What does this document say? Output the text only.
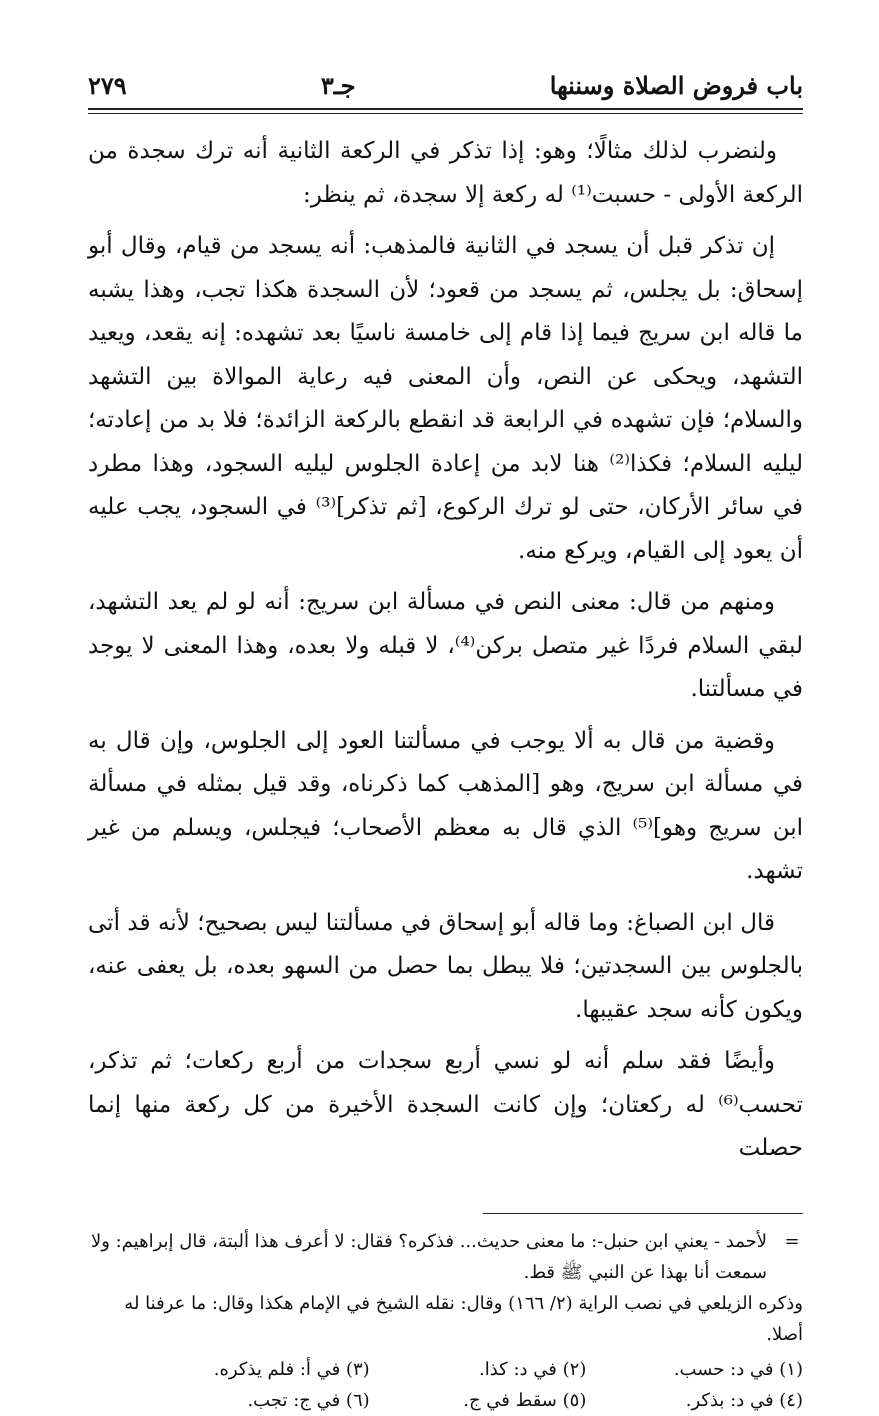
باب فروض الصلاة وسننها
جـ٣
٢٧٩

ولنضرب لذلك مثالًا؛ وهو: إذا تذكر في الركعة الثانية أنه ترك سجدة من الركعة الأولى - حسبت⁽¹⁾ له ركعة إلا سجدة، ثم ينظر:

إن تذكر قبل أن يسجد في الثانية فالمذهب: أنه يسجد من قيام، وقال أبو إسحاق: بل يجلس، ثم يسجد من قعود؛ لأن السجدة هكذا تجب، وهذا يشبه ما قاله ابن سريج فيما إذا قام إلى خامسة ناسيًا بعد تشهده: إنه يقعد، ويعيد التشهد، ويحكى عن النص، وأن المعنى فيه رعاية الموالاة بين التشهد والسلام؛ فإن تشهده في الرابعة قد انقطع بالركعة الزائدة؛ فلا بد من إعادته؛ ليليه السلام؛ فكذا⁽²⁾ هنا لابد من إعادة الجلوس ليليه السجود، وهذا مطرد في سائر الأركان، حتى لو ترك الركوع، [ثم تذكر]⁽³⁾ في السجود، يجب عليه أن يعود إلى القيام، ويركع منه.

ومنهم من قال: معنى النص في مسألة ابن سريج: أنه لو لم يعد التشهد، لبقي السلام فردًا غير متصل بركن⁽⁴⁾، لا قبله ولا بعده، وهذا المعنى لا يوجد في مسألتنا.

وقضية من قال به ألا يوجب في مسألتنا العود إلى الجلوس، وإن قال به في مسألة ابن سريج، وهو [المذهب كما ذكرناه، وقد قيل بمثله في مسألة ابن سريج وهو]⁽⁵⁾ الذي قال به معظم الأصحاب؛ فيجلس، ويسلم من غير تشهد.

قال ابن الصباغ: وما قاله أبو إسحاق في مسألتنا ليس بصحيح؛ لأنه قد أتى بالجلوس بين السجدتين؛ فلا يبطل بما حصل من السهو بعده، بل يعفى عنه، ويكون كأنه سجد عقيبها.

وأيضًا فقد سلم أنه لو نسي أربع سجدات من أربع ركعات؛ ثم تذكر، تحسب⁽⁶⁾ له ركعتان؛ وإن كانت السجدة الأخيرة من كل ركعة منها إنما حصلت

=

لأحمد - يعني ابن حنبل-: ما معنى حديث... فذكره؟ فقال: لا أعرف هذا ألبتة، قال إبراهيم: ولا سمعت أنا بهذا عن النبي ﷺ قط.

وذكره الزيلعي في نصب الراية (٢/ ١٦٦) وقال: نقله الشيخ في الإمام هكذا وقال: ما عرفنا له أصلا.

(١) في د: حسب.
(٢) في د: كذا.
(٣) في أ: فلم يذكره.
(٤) في د: بذكر.
(٥) سقط في ج.
(٦) في ج: تجب.
